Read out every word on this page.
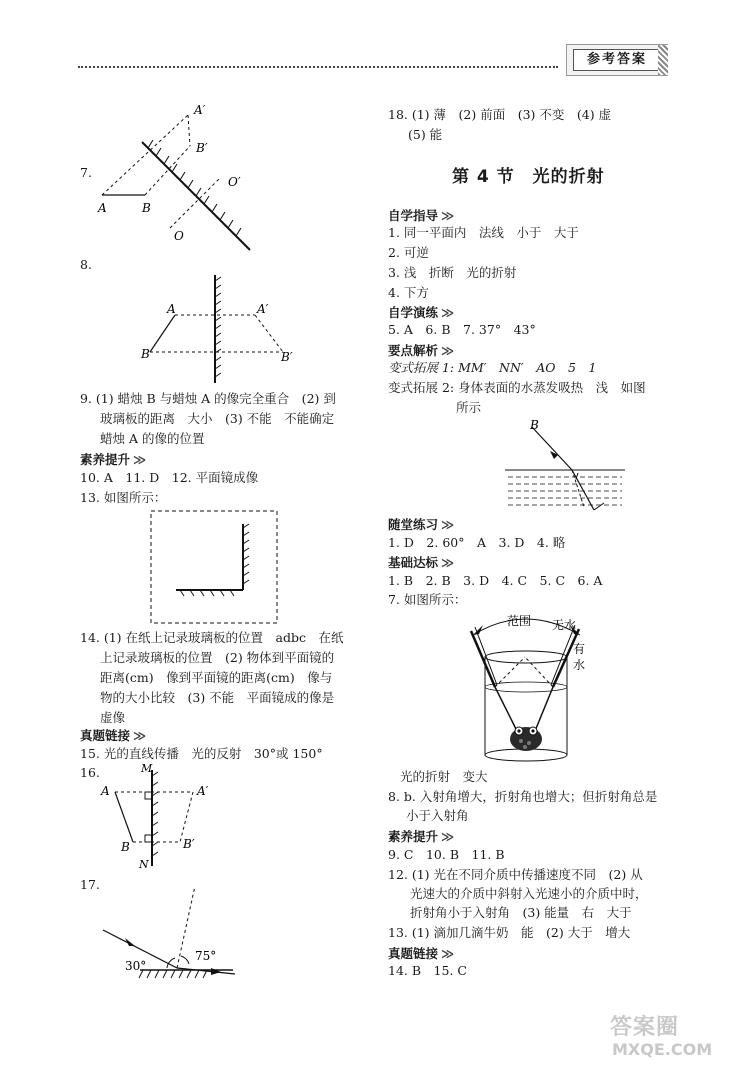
参考答案
7.
A	B
A′
B′
O
O′
8.
A
B
A′
B′
9. (1) 蜡烛 B 与蜡烛 A 的像完全重合　(2) 到
玻璃板的距离　大小　(3) 不能　不能确定
蜡烛 A 的像的位置
素养提升 ≫
10. A　11. D　12. 平面镜成像
13. 如图所示：
14. (1) 在纸上记录玻璃板的位置　adbc　在纸
上记录玻璃板的位置　(2) 物体到平面镜的
距离(cm)　像到平面镜的距离(cm)　像与
物的大小比较　(3) 不能　平面镜成的像是
虚像
真题链接 ≫
15. 光的直线传播　光的反射　30°或 150°
16.	M
N
A
B
A′
B′
17.
30°
75°
18. (1) 薄　(2) 前面　(3) 不变　(4) 虚
(5) 能
第 4 节　光的折射
自学指导 ≫
1. 同一平面内　法线　小于　大于
2. 可逆
3. 浅　折断　光的折射
4. 下方
自学演练 ≫
5. A　6. B　7. 37°　43°
要点解析 ≫
变式拓展 1: MM′　NN′　AO　5　1
变式拓展 2: 身体表面的水蒸发吸热　浅　如图
所示
B
随堂练习 ≫
1. D　2. 60°　A　3. D　4. 略
基础达标 ≫
1. B　2. B　3. D　4. C　5. C　6. A
7. 如图所示：
范围 无水
有
水
光的折射　变大
8. b. 入射角增大，折射角也增大；但折射角总是
小于入射角
素养提升 ≫
9. C　10. B　11. B
12. (1) 光在不同介质中传播速度不同　(2) 从
光速大的介质中斜射入光速小的介质中时，
折射角小于入射角　(3) 能量　右　大于
13. (1) 滴加几滴牛奶　能　(2) 大于　增大
真题链接 ≫
14. B　15. C
答案圈
MXQE.COM
